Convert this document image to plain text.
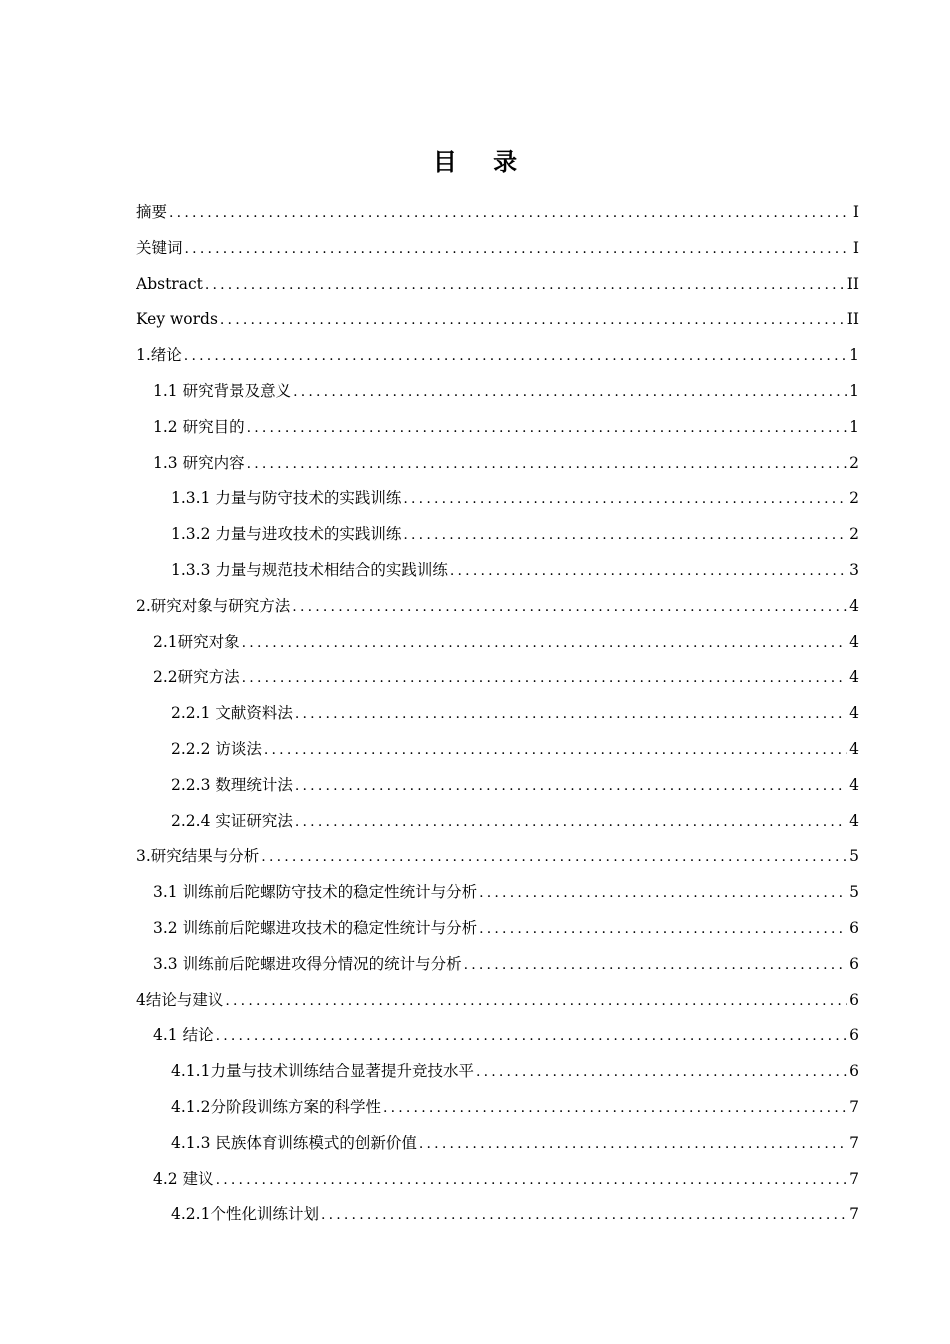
目 录
摘要 .....	I
关键词 .....	I
Abstract .....	II
Key words .....	II
1.绪论 .....	1
1.1 研究背景及意义 .....	1
1.2 研究目的 .....	1
1.3 研究内容 .....	2
1.3.1 力量与防守技术的实践训练 .....	2
1.3.2 力量与进攻技术的实践训练 .....	2
1.3.3 力量与规范技术相结合的实践训练 .....	3
2.研究对象与研究方法 .....	4
2.1研究对象 .....	4
2.2研究方法 .....	4
2.2.1 文献资料法 .....	4
2.2.2 访谈法 .....	4
2.2.3 数理统计法 .....	4
2.2.4 实证研究法 .....	4
3.研究结果与分析 .....	5
3.1 训练前后陀螺防守技术的稳定性统计与分析 .....	5
3.2 训练前后陀螺进攻技术的稳定性统计与分析 .....	6
3.3 训练前后陀螺进攻得分情况的统计与分析 .....	6
4结论与建议 .....	6
4.1 结论 .....	6
4.1.1力量与技术训练结合显著提升竞技水平 .....	6
4.1.2分阶段训练方案的科学性 .....	7
4.1.3 民族体育训练模式的创新价值 .....	7
4.2 建议 .....	7
4.2.1个性化训练计划 .....	7
